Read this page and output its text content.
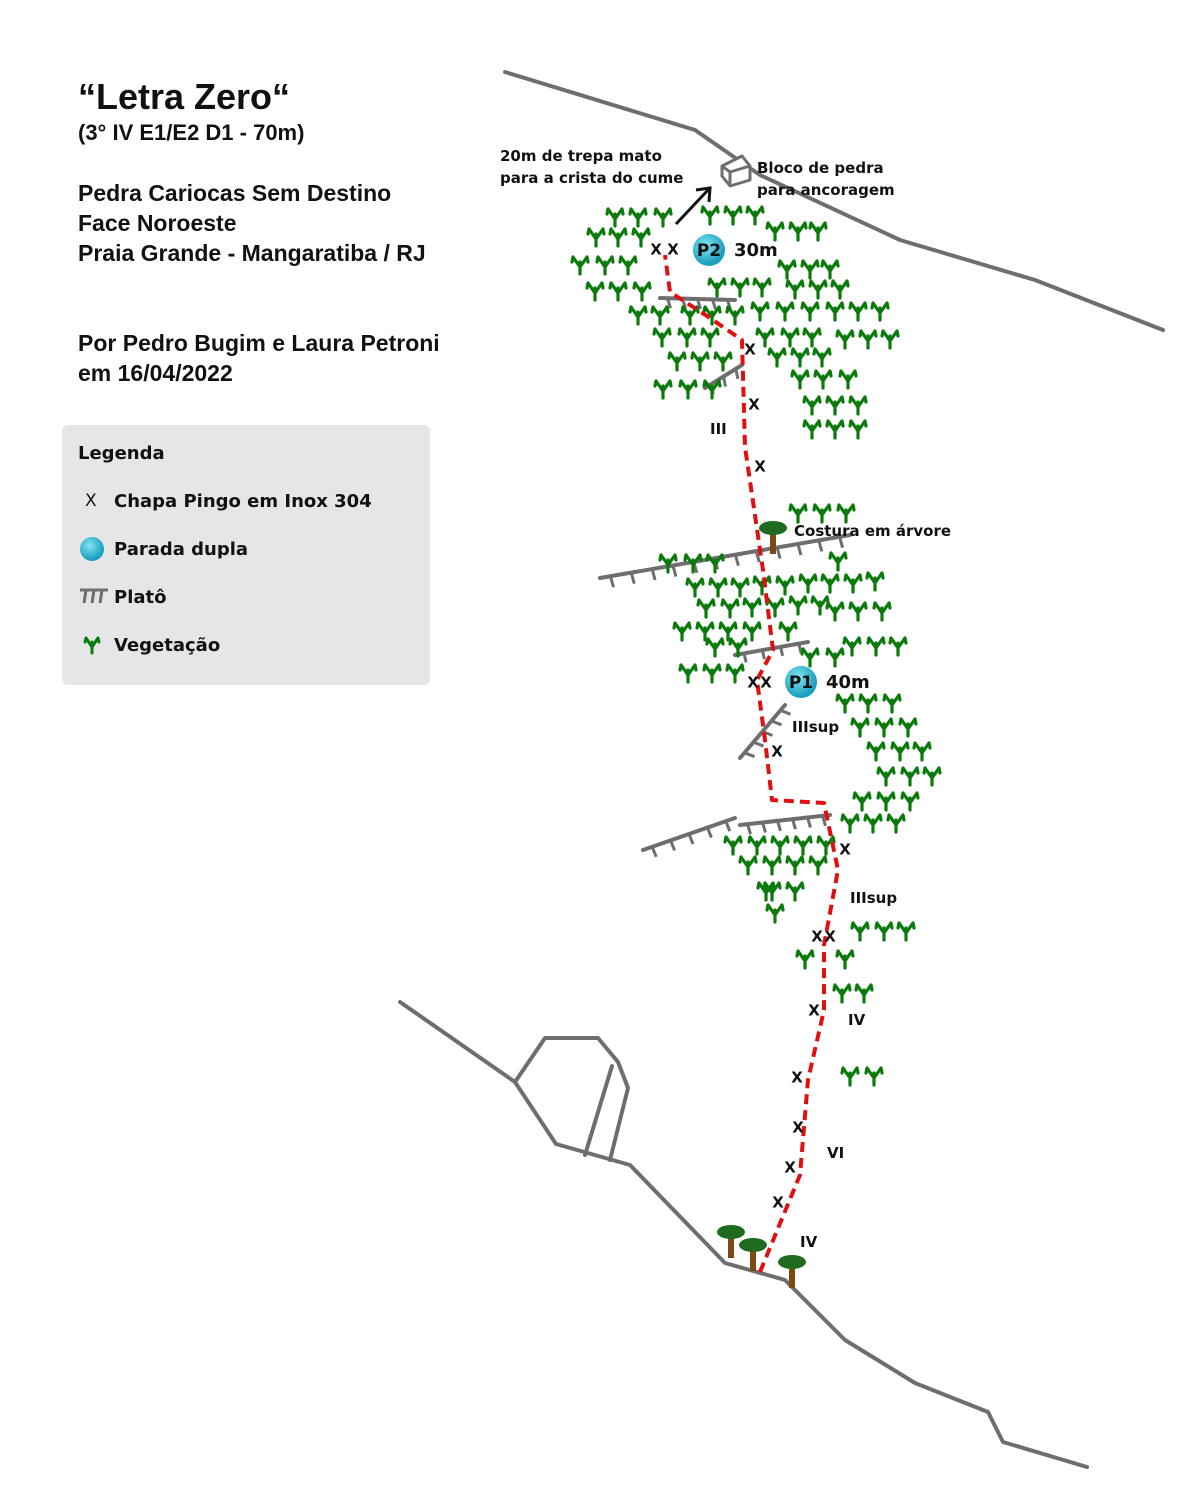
X X
X
X
X
X X
X
X
X X
X
X
X
X
X
P2 30m
P1 40m
20m de trepa mato para a crista do cume
Bloco de pedra para ancoragem
Costura em árvore
III
IIIsup
IIIsup
IV
VI
IV
“Letra Zero“
(3° IV E1/E2 D1 - 70m)
Pedra Cariocas Sem Destino
Face Noroeste
Praia Grande - Mangaratiba / RJ
Por Pedro Bugim e Laura Petroni
em 16/04/2022
Legenda
X Chapa Pingo em Inox 304
Parada dupla
Platô
Vegetação
